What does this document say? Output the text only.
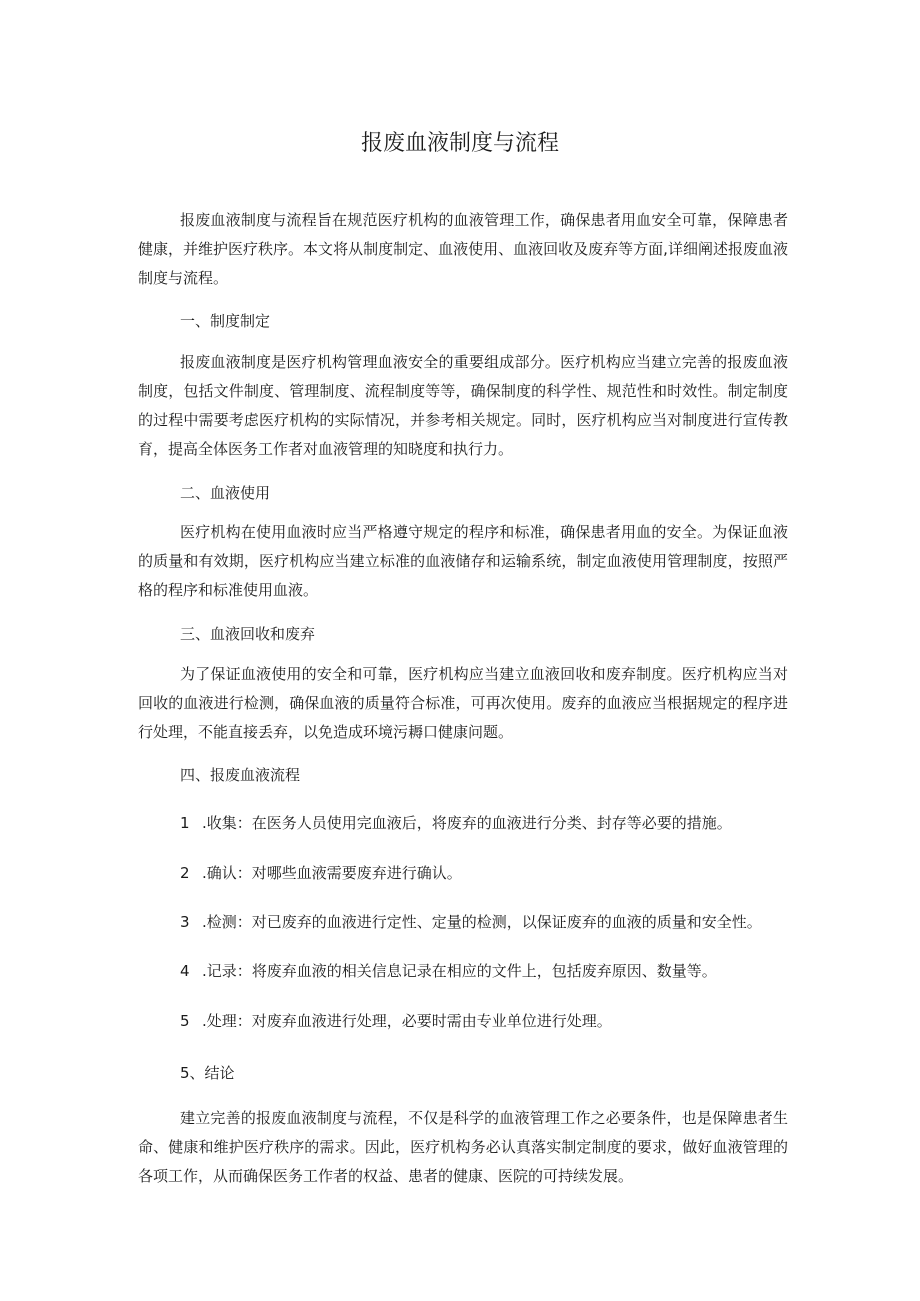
报废血液制度与流程

报废血液制度与流程旨在规范医疗机构的血液管理工作，确保患者用血安全可靠，保障患者健康，并维护医疗秩序。本文将从制度制定、血液使用、血液回收及废弃等方面,详细阐述报废血液制度与流程。

一、制度制定

报废血液制度是医疗机构管理血液安全的重要组成部分。医疗机构应当建立完善的报废血液制度，包括文件制度、管理制度、流程制度等等，确保制度的科学性、规范性和时效性。制定制度的过程中需要考虑医疗机构的实际情况，并参考相关规定。同时，医疗机构应当对制度进行宣传教育，提高全体医务工作者对血液管理的知晓度和执行力。

二、血液使用

医疗机构在使用血液时应当严格遵守规定的程序和标准，确保患者用血的安全。为保证血液的质量和有效期，医疗机构应当建立标准的血液储存和运输系统，制定血液使用管理制度，按照严格的程序和标准使用血液。

三、血液回收和废弃

为了保证血液使用的安全和可靠，医疗机构应当建立血液回收和废弃制度。医疗机构应当对回收的血液进行检测，确保血液的质量符合标准，可再次使用。废弃的血液应当根据规定的程序进行处理，不能直接丢弃，以免造成环境污耨口健康问题。

四、报废血液流程

1 .收集：在医务人员使用完血液后，将废弃的血液进行分类、封存等必要的措施。

2 .确认：对哪些血液需要废弃进行确认。

3 .检测：对已废弃的血液进行定性、定量的检测，以保证废弃的血液的质量和安全性。

4 .记录：将废弃血液的相关信息记录在相应的文件上，包括废弃原因、数量等。

5 .处理：对废弃血液进行处理，必要时需由专业单位进行处理。

5、结论

建立完善的报废血液制度与流程，不仅是科学的血液管理工作之必要条件，也是保障患者生命、健康和维护医疗秩序的需求。因此，医疗机构务必认真落实制定制度的要求，做好血液管理的各项工作，从而确保医务工作者的权益、患者的健康、医院的可持续发展。
